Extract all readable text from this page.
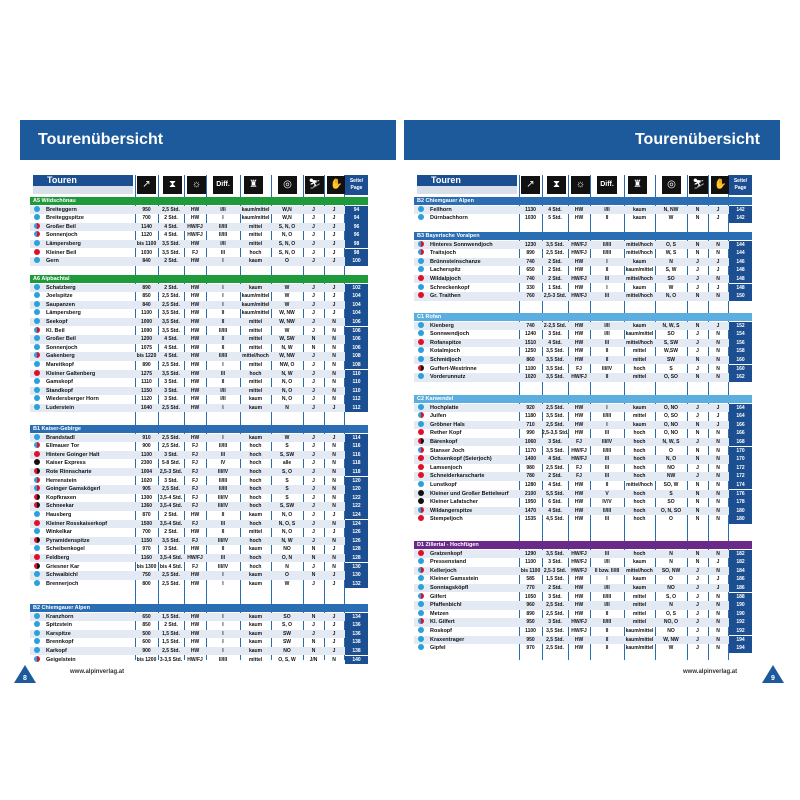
Tourenübersicht	Tourenübersicht
Touren	↗	⧗	☼	Diff.	♜	◎	⛷ ✋	Seite/ Page
A5 Wildschönau
Breiteggern	950	2,5 Std.	HW	I/II	kaum/mittel	W,N	J	J	94
Breiteggspitze	700	2 Std.	HW	I	kaum/mittel	W,N	J	J	94
Großer Beil	1140	4 Std.	HW/FJ	II/III	mittel	S, N, O	J	J	96
Sonnenjoch	1120	4 Std.	HW/FJ	II/III	mittel	N, O	J	J	96
Lämpersberg	bis 1100	3,5 Std.	HW	I/II	mittel	S, N, O	J	J	98
Kleiner Beil	1030	3,5 Std.	FJ	III	hoch	S, N, O	J	J	98
Gern	840	2 Std.	HW	I	kaum	O	J	J	100
A6 Alpbachtal
Schatzberg	890	2 Std.	HW	I	kaum	W	J	J	102
Joelspitze	850	2,5 Std.	HW	I	kaum/mittel	W	J	J	104
Saupanzen	840	2,5 Std.	HW	I	kaum/mittel	W	J	J	104
Lämpersberg	1100	3,5 Std.	HW	II	kaum/mittel	W, NW	J	J	104
Seekopf	1000	3,5 Std.	HW	II	mittel	W, NW	J	N	106
Kl. Beil	1090	3,5 Std.	HW	II/III	mittel	W	J	N	106
Großer Beil	1200	4 Std.	HW	II	mittel	W, SW	N	N	106
Sonnenjoch	1075	4 Std.	HW	II	mittel	N, W	N	N	106
Gakenberg	bis 1220	4 Std.	HW	II/III	mittel/hoch	W, NW	J	N	108
Mareitkopf	890	2,5 Std.	HW	I	mittel	NW, O	J	N	108
Kleiner Galtenberg	1275	3,5 Std.	HW	III	hoch	N, W	J	N	110
Gamskopf	1110	3 Std.	HW	II	mittel	N, O	J	N	110
Standkopf	1150	3 Std.	HW	I/II	mittel	N, O	J	N	110
Wiedersberger Horn	1120	3 Std.	HW	I/II	kaum	N, O	J	N	112
Luderstein	1040	2,5 Std.	HW	I	kaum	N	J	J	112
B1 Kaiser-Gebirge
Brandstadl	910	2,5 Std.	HW	I	kaum	W	J	J	114
Ellmauer Tor	900	2,5 Std.	FJ	II/III	hoch	S	J	N	116
Hintere Goinger Halt	1100	3 Std.	FJ	III	hoch	S, SW	J	N	116
Kaiser Express	2300	5-8 Std.	FJ	IV	hoch	alle	J	N	118
Rote Rinnscharte	1004	2,5-3 Std.	FJ	III/IV	hoch	S, O	J	N	118
Herrenstein	1020	3 Std.	FJ	II/III	hoch	S	J	N	120
Goinger Gamskögerl	905	2,5 Std.	FJ	II/III	hoch	S	J	N	120
Kopfkraxen	1300	3,5-4 Std.	FJ	III/IV	hoch	S	J	N	122
Schneekar	1360	3,5-4 Std.	FJ	III/IV	hoch	S, SW	J	N	122
Hausberg	870	2 Std.	HW	II	kaum	N, O	J	J	124
Kleiner Rosskaiserkopf	1500	3,5-4 Std.	FJ	III	hoch	N, O, S	J	N	124
Winkelkar	700	2 Std.	HW	II	mittel	N, O	J	J	126
Pyramidenspitze	1150	3,5 Std.	FJ	III/IV	hoch	N, W	J	N	126
Scheibenkogel	970	3 Std.	HW	II	kaum	NO	N	J	128
Feldberg	1160	3,5-4 Std.	HW/FJ	III	hoch	O, N	N	N	128
Griesner Kar	bis 1300 bis 4 Std.	FJ	III/IV	hoch	N	J	N	130
Schwaibichl	750	2,5 Std.	HW	I	kaum	O	N	J	130
Brennerjoch	800	2,5 Std.	HW	I	kaum	W	J	J	132
B2 Chiemgauer Alpen
Kranzhorn	650	1,5 Std.	HW	I	kaum	SO	N	J	134
Spitzstein	850	2 Std.	HW	I	kaum	S, O	J	J	136
Karspitze	500	1,5 Std.	HW	I	kaum	SW	J	J	136
Brennkopf	600	1,5 Std.	HW	I	kaum	SW	N	J	138
Karkopf	900	2,5 Std.	HW	I	kaum	NO	N	J	138
Geigelstein	bis 1200 3-3,5 Std.	HW/FJ	II/III	mittel	O, S, W	J/N	N	140
Touren	↗	⧗	☼	Diff.	♜	◎	⛷ ✋	Seite/ Page
B2 Chiemgauer Alpen
Fellhorn	1130	4 Std.	HW	I/II	kaum	N, NW	N	J	142
Dürnbachhorn	1030	5 Std.	HW	II	kaum	W	N	J	142
B3 Bayerische Voralpen
Hinteres Sonnwendjoch	1230	3,5 Std.	HW/FJ	II/III	mittel/hoch	O, S	N	N	144
Traitsjoch	890	2,5 Std.	HW/FJ	II/III	mittel/hoch	W, S	N	N	144
Brünnsteinschanze	740	2 Std.	HW	I	kaum	N	J	J	146
Lacherspitz	650	2 Std.	HW	II	kaum/mittel	S, W	J	J	148
Wildalpjoch	740	2 Std.	HW/FJ	III	mittel/hoch	SO	J	N	148
Schreckenkopf	330	1 Std.	HW	I	kaum	W	J	J	148
Gr. Traithen	760	2,5-3 Std.	HW/FJ	III	mittel/hoch	N, O	N	N	150
C1 Rofan
Kienberg	740	2-2,5 Std.	HW	I/II	kaum	N, W, S	N	J	152
Sonnwendjoch	1240	3 Std.	HW	I/II	kaum/mittel	SO	J	N	154
Rofanspitze	1510	4 Std.	HW	III	mittel/hoch	S, SW	J	N	156
Kotalmjoch	1250	3,5 Std.	HW	II	mittel	W,SW	J	N	158
Schmidjoch	860	3,5 Std.	HW	II	mittel	SW	N	N	160
Guffert-Westrinne	1100	3,5 Std.	FJ	III/IV	hoch	S	J	N	160
Vorderunnutz	1020	3,5 Std.	HW/FJ	II	mittel	O, SO	N	N	162
C2 Karwendel
Hochplatte	920	2,5 Std.	HW	I	kaum	O, NO	J	J	164
Juifen	1180	3,5 Std.	HW	II/III	mittel	O, SO	J	J	164
Gröbner Hals	710	2,5 Std.	HW	I	kaum	O, NO	N	J	166
Rether Kopf	990	2,5-3,5 Std.	HW	III	hoch	O, NO	N	N	166
Bärenkopf	1060	3 Std.	FJ	III/IV	hoch	N, W, S	J	N	168
Stanser Joch	1170	3,5 Std.	HW/FJ	II/III	hoch	O	N	N	170
Ochsenkopf (Seierjoch)	1400	4 Std.	HW/FJ	III	hoch	N, O	N	N	170
Lamsenjoch	980	2,5 Std.	FJ	III	hoch	NO	J	N	172
Schneiderkarscharte	780	2 Std.	FJ	III	hoch	NW	J	N	172
Lunstkopf	1280	4 Std.	HW	II	mittel/hoch	SO, W	N	N	174
Kleiner und Großer Bettelwurf	2100	5,5 Std.	HW	V	hoch	S	N	N	176
Kleiner Lafatscher	1950	6 Std.	HW	IV/V	hoch	SO	N	N	178
Wildangerspitze	1470	4 Std.	HW	II/III	hoch	O, N, SO	N	N	180
Stempeljoch	1535	4,5 Std.	HW	III	hoch	O	N	N	180
D1 Zillertal - Hochfügen
Gratzenkopf	1290	3,5 Std.	HW/FJ	III	hoch	N	N	N	182
Pressenstand	1100	3 Std.	HW/FJ	I/II	kaum	N	N	J	182
Kellerjoch	bis 1100 2,5-3 Std.	HW/FJ	II bzw. II/III	mittel/hoch	SO, NW	J	N	184
Kleiner Gamsstein	585	1,5 Std.	HW	I	kaum	O	J	J	186
Sonntagsköpfl	770	2 Std.	HW	I/II	kaum	NO	J	J	186
Gilfert	1050	3 Std.	HW	II/III	mittel	S, O	J	N	188
Pfaffenbichl	960	2,5 Std.	HW	I/II	mittel	N	J	N	190
Metzen	890	2,5 Std.	HW	II	mittel	O, S	J	N	190
Kl. Gilfert	950	3 Std.	HW/FJ	II/III	mittel	NO, O	J	N	192
Roskopf	1100	3,5 Std.	HW/FJ	II	kaum/mittel	NO	J	N	192
Kraxentrager	950	2,5 Std.	HW	II	kaum/mittel	W, NW	J	N	194
Gipfel	970	2,5 Std.	HW	II	kaum/mittel	W	J	N	194
8
www.alpinverlag.at	www.alpinverlag.at
9
